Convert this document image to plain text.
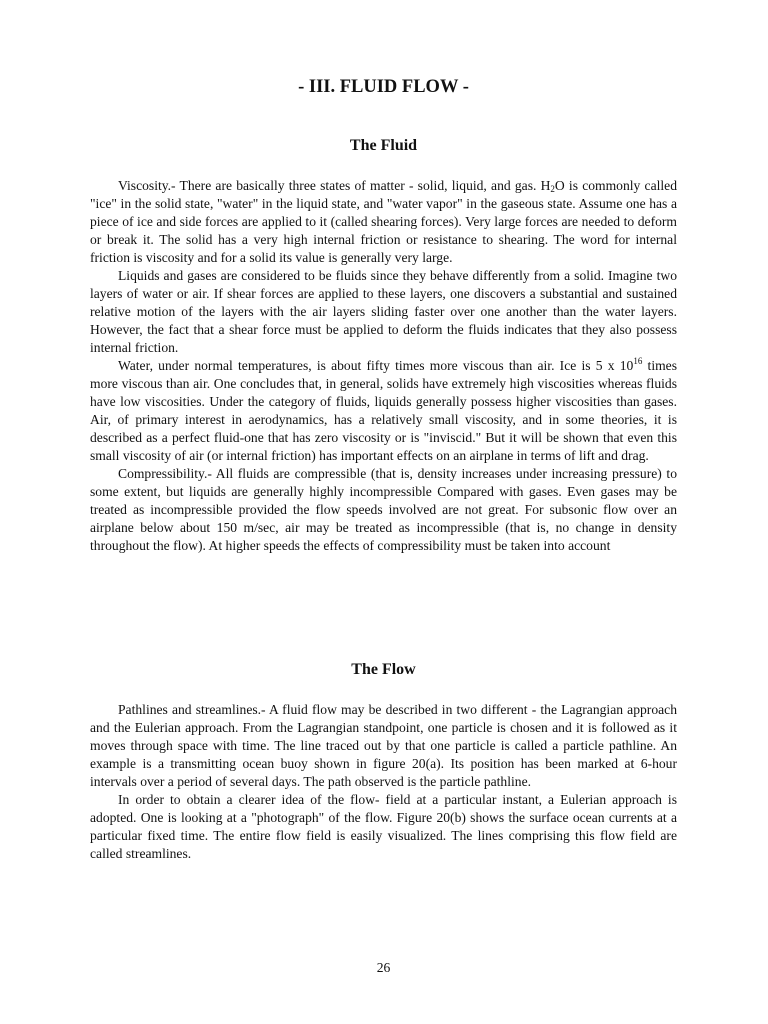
- III. FLUID FLOW -
The Fluid

Viscosity.- There are basically three states of matter - solid, liquid, and gas. $H_2O$ is commonly called "ice" in the solid state, "water" in the liquid state, and "water vapor" in the gaseous state. Assume one has a piece of ice and side forces are applied to it (called shearing forces). Very large forces are needed to deform or break it. The solid has a very high internal friction or resistance to shearing. The word for internal friction is viscosity and for a solid its value is generally very large.

Liquids and gases are considered to be fluids since they behave differently from a solid. Imagine two layers of water or air. If shear forces are applied to these layers, one discovers a substantial and sustained relative motion of the layers with the air layers sliding faster over one another than the water layers. However, the fact that a shear force must be applied to deform the fluids indicates that they also possess internal friction.

Water, under normal temperatures, is about fifty times more viscous than air. Ice is 5 x $10^{16}$ times more viscous than air. One concludes that, in general, solids have extremely high viscosities whereas fluids have low viscosities. Under the category of fluids, liquids generally possess higher viscosities than gases. Air, of primary interest in aerodynamics, has a relatively small viscosity, and in some theories, it is described as a perfect fluid-one that has zero viscosity or is "inviscid." But it will be shown that even this small viscosity of air (or internal friction) has important effects on an airplane in terms of lift and drag.

Compressibility.- All fluids are compressible (that is, density increases under increasing pressure) to some extent, but liquids are generally highly incompressible Compared with gases. Even gases may be treated as incompressible provided the flow speeds involved are not great. For subsonic flow over an airplane below about 150 m/sec, air may be treated as incompressible (that is, no change in density throughout the flow). At higher speeds the effects of compressibility must be taken into account

The Flow

Pathlines and streamlines.- A fluid flow may be described in two different - the Lagrangian approach and the Eulerian approach. From the Lagrangian standpoint, one particle is chosen and it is followed as it moves through space with time. The line traced out by that one particle is called a particle pathline. An example is a transmitting ocean buoy shown in figure 20(a). Its position has been marked at 6-hour intervals over a period of several days. The path observed is the particle pathline.

In order to obtain a clearer idea of the flow- field at a particular instant, a Eulerian approach is adopted. One is looking at a "photograph" of the flow. Figure 20(b) shows the surface ocean currents at a particular fixed time. The entire flow field is easily visualized. The lines comprising this flow field are called streamlines.

26
